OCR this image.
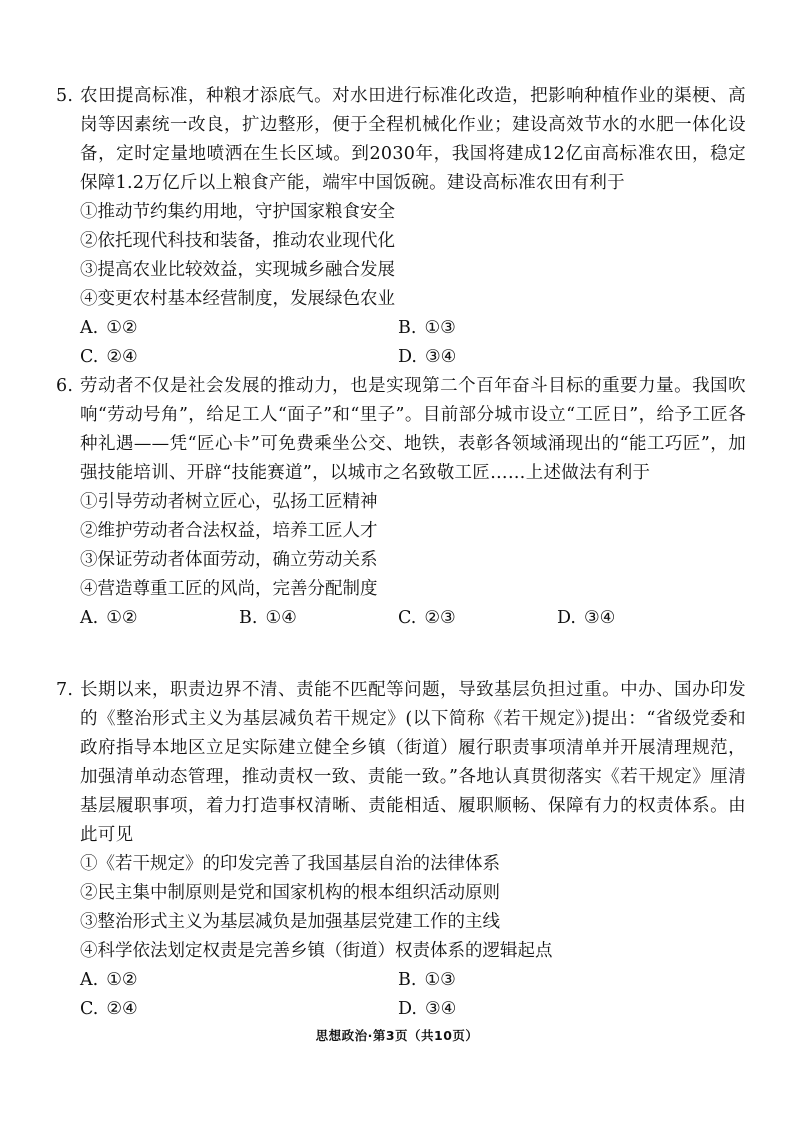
5. 农田提高标准，种粮才添底气。对水田进行标准化改造，把影响种植作业的渠梗、高岗等因素统一改良，扩边整形，便于全程机械化作业；建设高效节水的水肥一体化设备，定时定量地喷洒在生长区域。到2030年，我国将建成12亿亩高标准农田，稳定保障1.2万亿斤以上粮食产能，端牢中国饭碗。建设高标准农田有利于
①推动节约集约用地，守护国家粮食安全
②依托现代科技和装备，推动农业现代化
③提高农业比较效益，实现城乡融合发展
④变更农村基本经营制度，发展绿色农业
A. ①②	B. ①③
C. ②④	D. ③④
6. 劳动者不仅是社会发展的推动力，也是实现第二个百年奋斗目标的重要力量。我国吹响“劳动号角”，给足工人“面子”和“里子”。目前部分城市设立“工匠日”，给予工匠各种礼遇——凭“匠心卡”可免费乘坐公交、地铁，表彰各领域涌现出的“能工巧匠”，加强技能培训、开辟“技能赛道”，以城市之名致敬工匠……上述做法有利于
①引导劳动者树立匠心，弘扬工匠精神
②维护劳动者合法权益，培养工匠人才
③保证劳动者体面劳动，确立劳动关系
④营造尊重工匠的风尚，完善分配制度
A. ①②	B. ①④	C. ②③	D. ③④
7. 长期以来，职责边界不清、责能不匹配等问题，导致基层负担过重。中办、国办印发的《整治形式主义为基层减负若干规定》(以下简称《若干规定》)提出：“省级党委和政府指导本地区立足实际建立健全乡镇（街道）履行职责事项清单并开展清理规范，加强清单动态管理，推动责权一致、责能一致。”各地认真贯彻落实《若干规定》厘清基层履职事项，着力打造事权清晰、责能相适、履职顺畅、保障有力的权责体系。由此可见
①《若干规定》的印发完善了我国基层自治的法律体系
②民主集中制原则是党和国家机构的根本组织活动原则
③整治形式主义为基层减负是加强基层党建工作的主线
④科学依法划定权责是完善乡镇（街道）权责体系的逻辑起点
A. ①②	B. ①③
C. ②④	D. ③④
思想政治·第3页（共10页）
